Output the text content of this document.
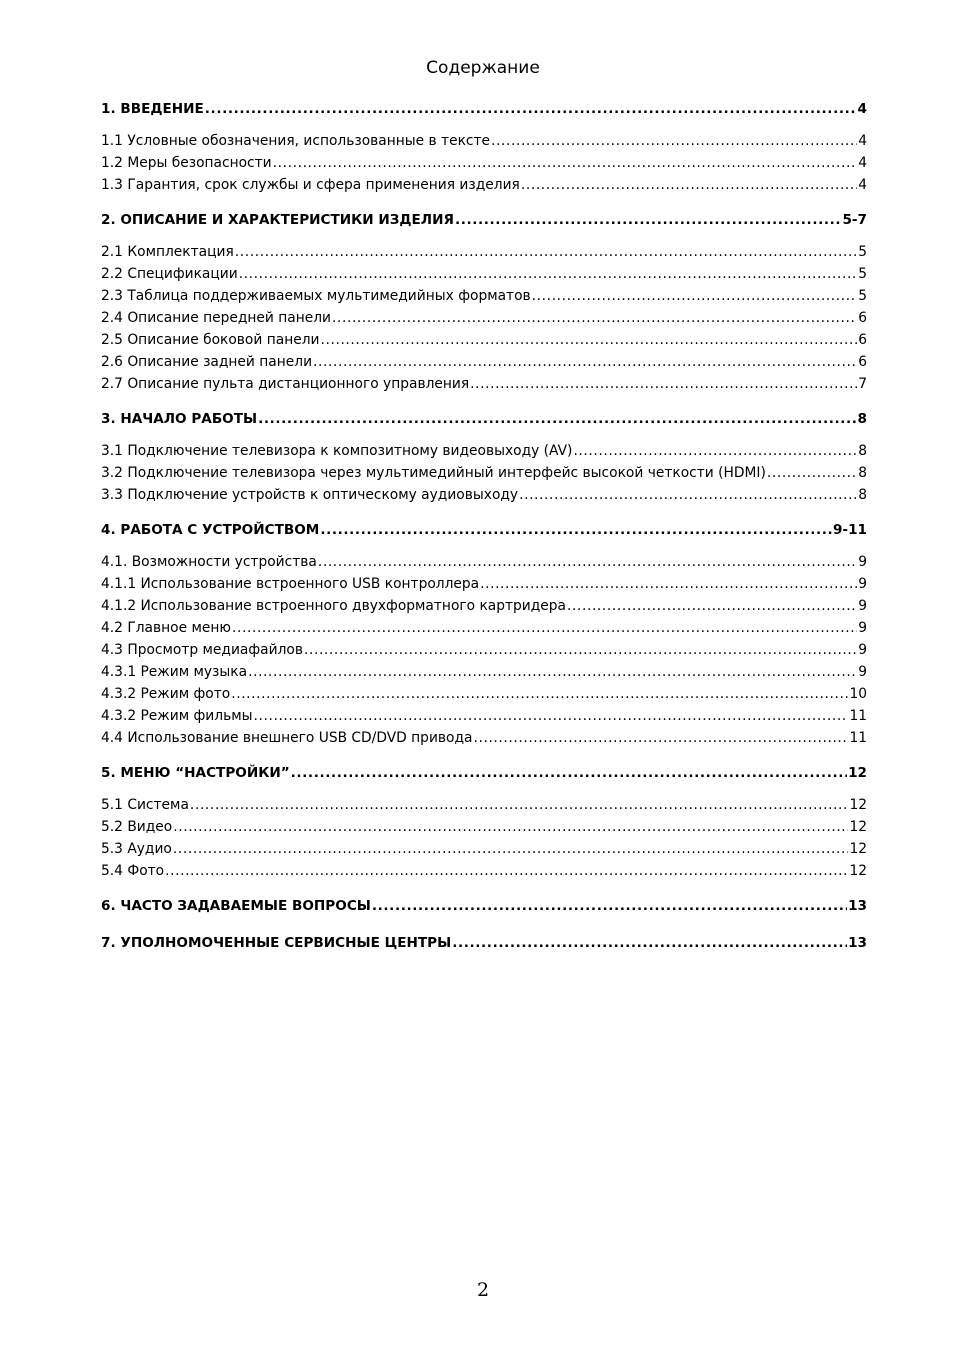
Содержание
1. ВВЕДЕНИЕ .....	4
1.1 Условные обозначения, использованные в тексте .....	4
1.2 Меры безопасности .....	4
1.3 Гарантия, срок службы и сфера применения изделия .....	4
2. ОПИСАНИЕ И ХАРАКТЕРИСТИКИ ИЗДЕЛИЯ .....	5-7
2.1 Комплектация .....	5
2.2 Спецификации .....	5
2.3 Таблица поддерживаемых мультимедийных форматов .....	5
2.4 Описание передней панели .....	6
2.5 Описание боковой панели .....	6
2.6 Описание задней панели .....	6
2.7 Описание пульта дистанционного управления .....	7
3. НАЧАЛО РАБОТЫ .....	8
3.1 Подключение телевизора к композитному видеовыходу (AV) .....	8
3.2 Подключение телевизора через мультимедийный интерфейс высокой четкости (HDMI) .....	8
3.3 Подключение устройств к оптическому аудиовыходу .....	8
4. РАБОТА С УСТРОЙСТВОМ .....	9-11
4.1. Возможности устройства .....	9
4.1.1 Использование встроенного USB контроллера .....	9
4.1.2 Использование встроенного двухформатного картридера .....	9
4.2 Главное меню .....	9
4.3 Просмотр медиафайлов .....	9
4.3.1 Режим музыка .....	9
4.3.2 Режим фото .....	10
4.3.2 Режим фильмы .....	11
4.4 Использование внешнего USB CD/DVD привода .....	11
5. МЕНЮ “НАСТРОЙКИ” .....	12
5.1 Система .....	12
5.2 Видео .....	12
5.3 Аудио .....	12
5.4 Фото .....	12
6. ЧАСТО ЗАДАВАЕМЫЕ ВОПРОСЫ .....	13
7. УПОЛНОМОЧЕННЫЕ СЕРВИСНЫЕ ЦЕНТРЫ .....	13
2
